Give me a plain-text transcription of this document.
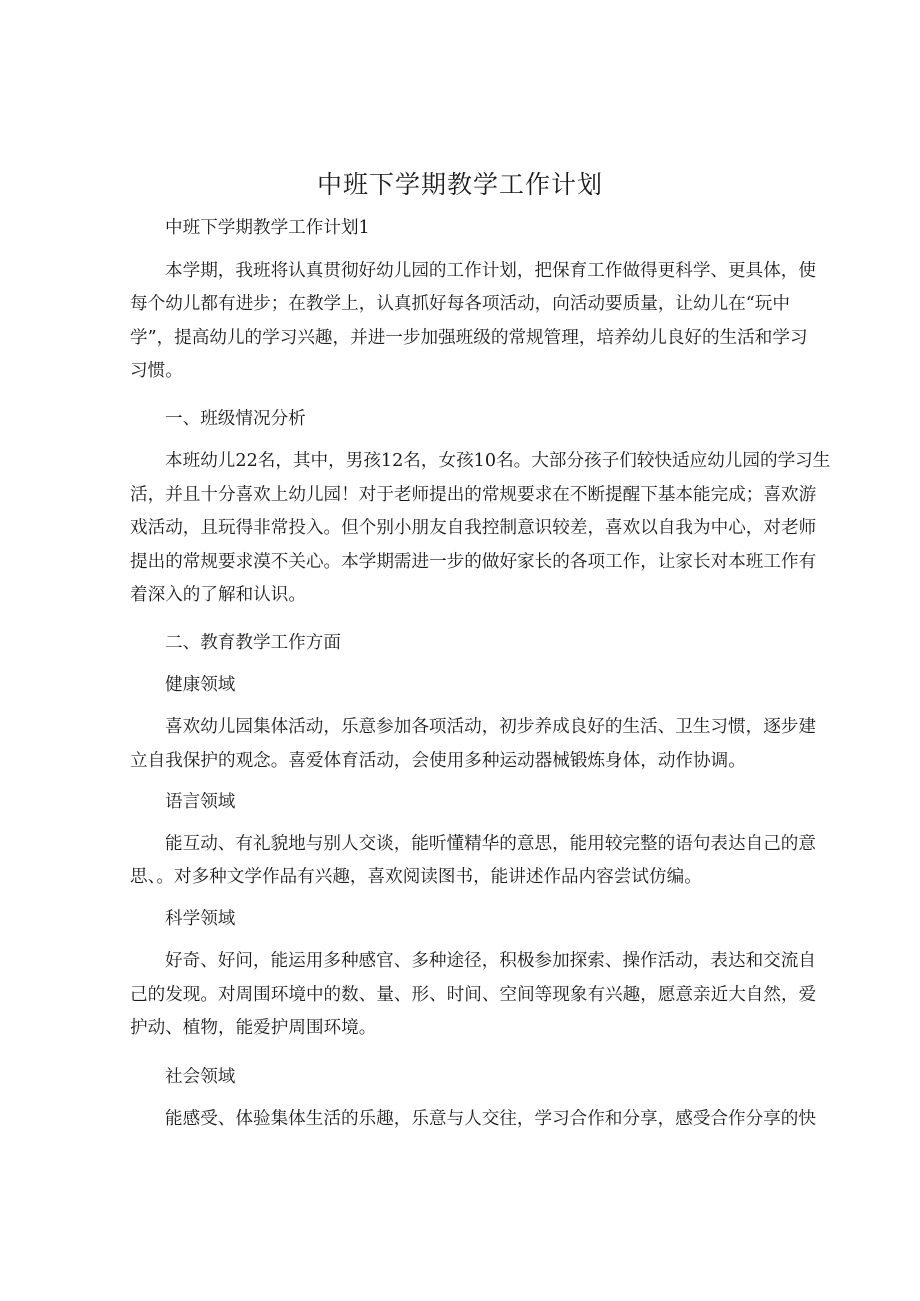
中班下学期教学工作计划

中班下学期教学工作计划1

本学期，我班将认真贯彻好幼儿园的工作计划，把保育工作做得更科学、更具体，使

每个幼儿都有进步；在教学上，认真抓好每各项活动，向活动要质量，让幼儿在“玩中

学”，提高幼儿的学习兴趣，并进一步加强班级的常规管理，培养幼儿良好的生活和学习

习惯。

一、班级情况分析

本班幼儿22名，其中，男孩12名，女孩10名。大部分孩子们较快适应幼儿园的学习生

活，并且十分喜欢上幼儿园！对于老师提出的常规要求在不断提醒下基本能完成；喜欢游

戏活动，且玩得非常投入。但个别小朋友自我控制意识较差，喜欢以自我为中心，对老师

提出的常规要求漠不关心。本学期需进一步的做好家长的各项工作，让家长对本班工作有

着深入的了解和认识。

二、教育教学工作方面

健康领域

喜欢幼儿园集体活动，乐意参加各项活动，初步养成良好的生活、卫生习惯，逐步建

立自我保护的观念。喜爱体育活动，会使用多种运动器械锻炼身体，动作协调。

语言领域

能互动、有礼貌地与别人交谈，能听懂精华的意思，能用较完整的语句表达自己的意

思、。对多种文学作品有兴趣，喜欢阅读图书，能讲述作品内容尝试仿编。

科学领域

好奇、好问，能运用多种感官、多种途径，积极参加探索、操作活动，表达和交流自

己的发现。对周围环境中的数、量、形、时间、空间等现象有兴趣，愿意亲近大自然，爱

护动、植物，能爱护周围环境。

社会领域

能感受、体验集体生活的乐趣，乐意与人交往，学习合作和分享，感受合作分享的快
